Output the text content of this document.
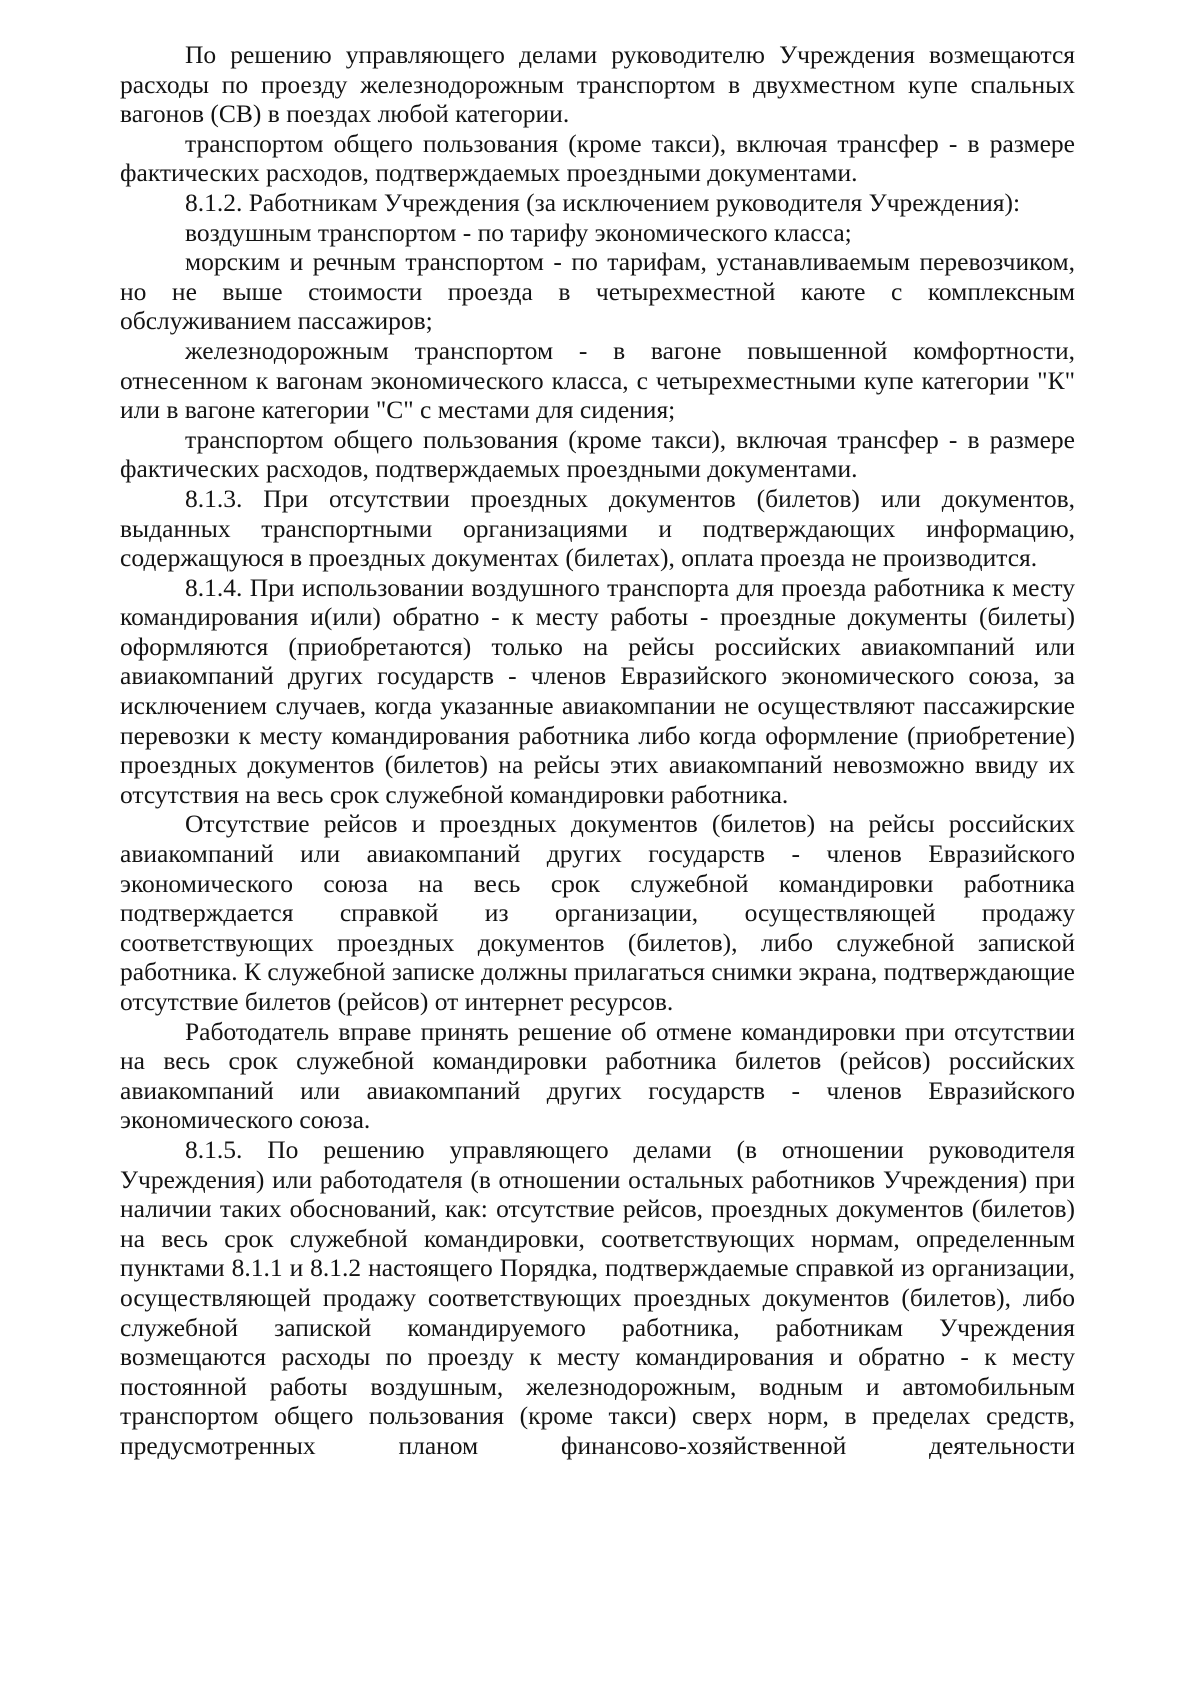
По решению управляющего делами руководителю Учреждения возмещаются расходы по проезду железнодорожным транспортом в двухместном купе спальных вагонов (СВ) в поездах любой категории.

транспортом общего пользования (кроме такси), включая трансфер - в размере фактических расходов, подтверждаемых проездными документами.

8.1.2. Работникам Учреждения (за исключением руководителя Учреждения):

воздушным транспортом - по тарифу экономического класса;

морским и речным транспортом - по тарифам, устанавливаемым перевозчиком, но не выше стоимости проезда в четырехместной каюте с комплексным обслуживанием пассажиров;

железнодорожным транспортом - в вагоне повышенной комфортности, отнесенном к вагонам экономического класса, с четырехместными купе категории "К" или в вагоне категории "С" с местами для сидения;

транспортом общего пользования (кроме такси), включая трансфер - в размере фактических расходов, подтверждаемых проездными документами.

8.1.3. При отсутствии проездных документов (билетов) или документов, выданных транспортными организациями и подтверждающих информацию, содержащуюся в проездных документах (билетах), оплата проезда не производится.

8.1.4. При использовании воздушного транспорта для проезда работника к месту командирования и(или) обратно - к месту работы - проездные документы (билеты) оформляются (приобретаются) только на рейсы российских авиакомпаний или авиакомпаний других государств - членов Евразийского экономического союза, за исключением случаев, когда указанные авиакомпании не осуществляют пассажирские перевозки к месту командирования работника либо когда оформление (приобретение) проездных документов (билетов) на рейсы этих авиакомпаний невозможно ввиду их отсутствия на весь срок служебной командировки работника.

Отсутствие рейсов и проездных документов (билетов) на рейсы российских авиакомпаний или авиакомпаний других государств - членов Евразийского экономического союза на весь срок служебной командировки работника подтверждается справкой из организации, осуществляющей продажу соответствующих проездных документов (билетов), либо служебной запиской работника. К служебной записке должны прилагаться снимки экрана, подтверждающие отсутствие билетов (рейсов) от интернет ресурсов.

Работодатель вправе принять решение об отмене командировки при отсутствии на весь срок служебной командировки работника билетов (рейсов) российских авиакомпаний или авиакомпаний других государств - членов Евразийского экономического союза.

8.1.5. По решению управляющего делами (в отношении руководителя Учреждения) или работодателя (в отношении остальных работников Учреждения) при наличии таких обоснований, как: отсутствие рейсов, проездных документов (билетов) на весь срок служебной командировки, соответствующих нормам, определенным пунктами 8.1.1 и 8.1.2 настоящего Порядка, подтверждаемые справкой из организации, осуществляющей продажу соответствующих проездных документов (билетов), либо служебной запиской командируемого работника, работникам Учреждения возмещаются расходы по проезду к месту командирования и обратно - к месту постоянной работы воздушным, железнодорожным, водным и автомобильным транспортом общего пользования (кроме такси) сверх норм, в пределах средств, предусмотренных планом финансово-хозяйственной деятельности
